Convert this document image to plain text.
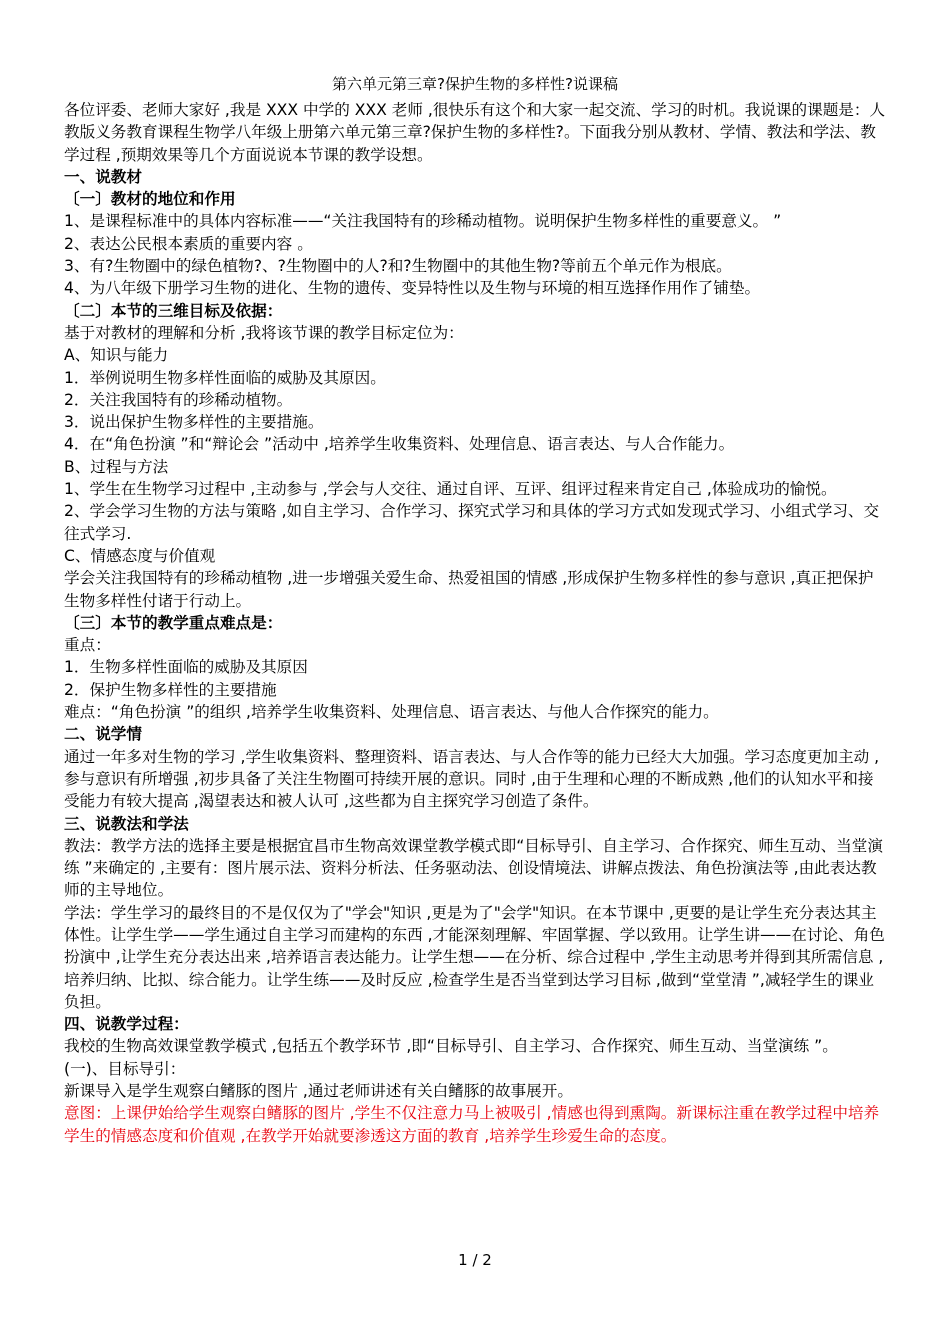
第六单元第三章?保护生物的多样性?说课稿

各位评委、老师大家好 ,我是 XXX 中学的 XXX 老师 ,很快乐有这个和大家一起交流、学习的时机。我说课的课题是：人教版义务教育课程生物学八年级上册第六单元第三章?保护生物的多样性?。下面我分别从教材、学情、教法和学法、教学过程 ,预期效果等几个方面说说本节课的教学设想。

一、说教材

〔一〕教材的地位和作用

1、是课程标准中的具体内容标准——“关注我国特有的珍稀动植物。说明保护生物多样性的重要意义。 ”

2、表达公民根本素质的重要内容 。

3、有?生物圈中的绿色植物?、?生物圈中的人?和?生物圈中的其他生物?等前五个单元作为根底。

4、为八年级下册学习生物的进化、生物的遗传、变异特性以及生物与环境的相互选择作用作了铺垫。

〔二〕本节的三维目标及依据：

基于对教材的理解和分析 ,我将该节课的教学目标定位为：

A、知识与能力

1．举例说明生物多样性面临的威胁及其原因。

2．关注我国特有的珍稀动植物。

3．说出保护生物多样性的主要措施。

4．在“角色扮演 ”和“辩论会 ”活动中 ,培养学生收集资料、处理信息、语言表达、与人合作能力。

B、过程与方法

1、学生在生物学习过程中 ,主动参与 ,学会与人交往、通过自评、互评、组评过程来肯定自己 ,体验成功的愉悦。

2、学会学习生物的方法与策略 ,如自主学习、合作学习、探究式学习和具体的学习方式如发现式学习、小组式学习、交往式学习.

C、情感态度与价值观

学会关注我国特有的珍稀动植物 ,进一步增强关爱生命、热爱祖国的情感 ,形成保护生物多样性的参与意识 ,真正把保护生物多样性付诸于行动上。

〔三〕本节的教学重点难点是：

重点：

1．生物多样性面临的威胁及其原因

2．保护生物多样性的主要措施

难点：“角色扮演 ”的组织 ,培养学生收集资料、处理信息、语言表达、与他人合作探究的能力。

二、说学情

通过一年多对生物的学习 ,学生收集资料、整理资料、语言表达、与人合作等的能力已经大大加强。学习态度更加主动 ,参与意识有所增强 ,初步具备了关注生物圈可持续开展的意识。同时 ,由于生理和心理的不断成熟 ,他们的认知水平和接受能力有较大提高 ,渴望表达和被人认可 ,这些都为自主探究学习创造了条件。

三、说教法和学法

教法：教学方法的选择主要是根据宜昌市生物高效课堂教学模式即“目标导引、自主学习、合作探究、师生互动、当堂演练 ”来确定的 ,主要有：图片展示法、资料分析法、任务驱动法、创设情境法、讲解点拨法、角色扮演法等 ,由此表达教师的主导地位。

学法：学生学习的最终目的不是仅仅为了"学会"知识 ,更是为了"会学"知识。在本节课中 ,更要的是让学生充分表达其主体性。让学生学——学生通过自主学习而建构的东西 ,才能深刻理解、牢固掌握、学以致用。让学生讲——在讨论、角色扮演中 ,让学生充分表达出来 ,培养语言表达能力。让学生想——在分析、综合过程中 ,学生主动思考并得到其所需信息 ,培养归纳、比拟、综合能力。让学生练——及时反应 ,检查学生是否当堂到达学习目标 ,做到“堂堂清 ”,减轻学生的课业负担。

四、说教学过程：

我校的生物高效课堂教学模式 ,包括五个教学环节 ,即“目标导引、自主学习、合作探究、师生互动、当堂演练 ”。

(一)、目标导引：

新课导入是学生观察白鳍豚的图片 ,通过老师讲述有关白鳍豚的故事展开。

意图：上课伊始给学生观察白鳍豚的图片 ,学生不仅注意力马上被吸引 ,情感也得到熏陶。新课标注重在教学过程中培养学生的情感态度和价值观 ,在教学开始就要渗透这方面的教育 ,培养学生珍爱生命的态度。

1 / 2
